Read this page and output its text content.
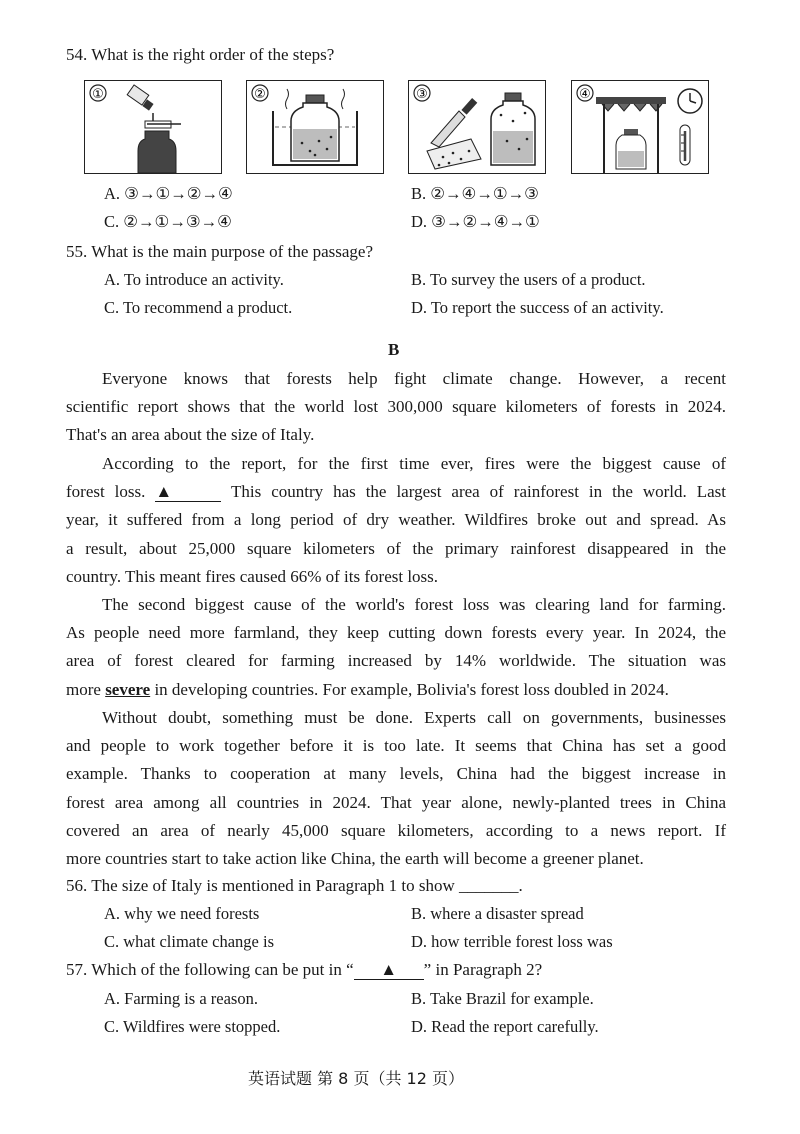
54. What is the right order of the steps?
①	②	③	④
A. ③→①→②→④	B. ②→④→①→③
C. ②→①→③→④	D. ③→②→④→①
55. What is the main purpose of the passage?
A. To introduce an activity.	B. To survey the users of a product.
C. To recommend a product.	D. To report the success of an activity.
B
Everyone knows that forests help fight climate change. However, a recent
scientific report shows that the world lost 300,000 square kilometers of forests in 2024.
That's an area about the size of Italy.
According to the report, for the first time ever, fires were the biggest cause of
forest loss. ▲	This country has the largest area of rainforest in the world. Last
year, it suffered from a long period of dry weather. Wildfires broke out and spread. As
a result, about 25,000 square kilometers of the primary rainforest disappeared in the
country. This meant fires caused 66% of its forest loss.
The second biggest cause of the world's forest loss was clearing land for farming.
As people need more farmland, they keep cutting down forests every year. In 2024, the
area of forest cleared for farming increased by 14% worldwide. The situation was
more severe in developing countries. For example, Bolivia's forest loss doubled in 2024.
Without doubt, something must be done. Experts call on governments, businesses
and people to work together before it is too late. It seems that China has set a good
example. Thanks to cooperation at many levels, China had the biggest increase in
forest area among all countries in 2024. That year alone, newly-planted trees in China
covered an area of nearly 45,000 square kilometers, according to a news report. If
more countries start to take action like China, the earth will become a greener planet.
56. The size of Italy is mentioned in Paragraph 1 to show _______.
A. why we need forests	B. where a disaster spread
C. what climate change is	D. how terrible forest loss was
57. Which of the following can be put in “ ▲ ” in Paragraph 2?
A. Farming is a reason.	B. Take Brazil for example.
C. Wildfires were stopped.	D. Read the report carefully.
英语试题 第 8 页（共 12 页）
